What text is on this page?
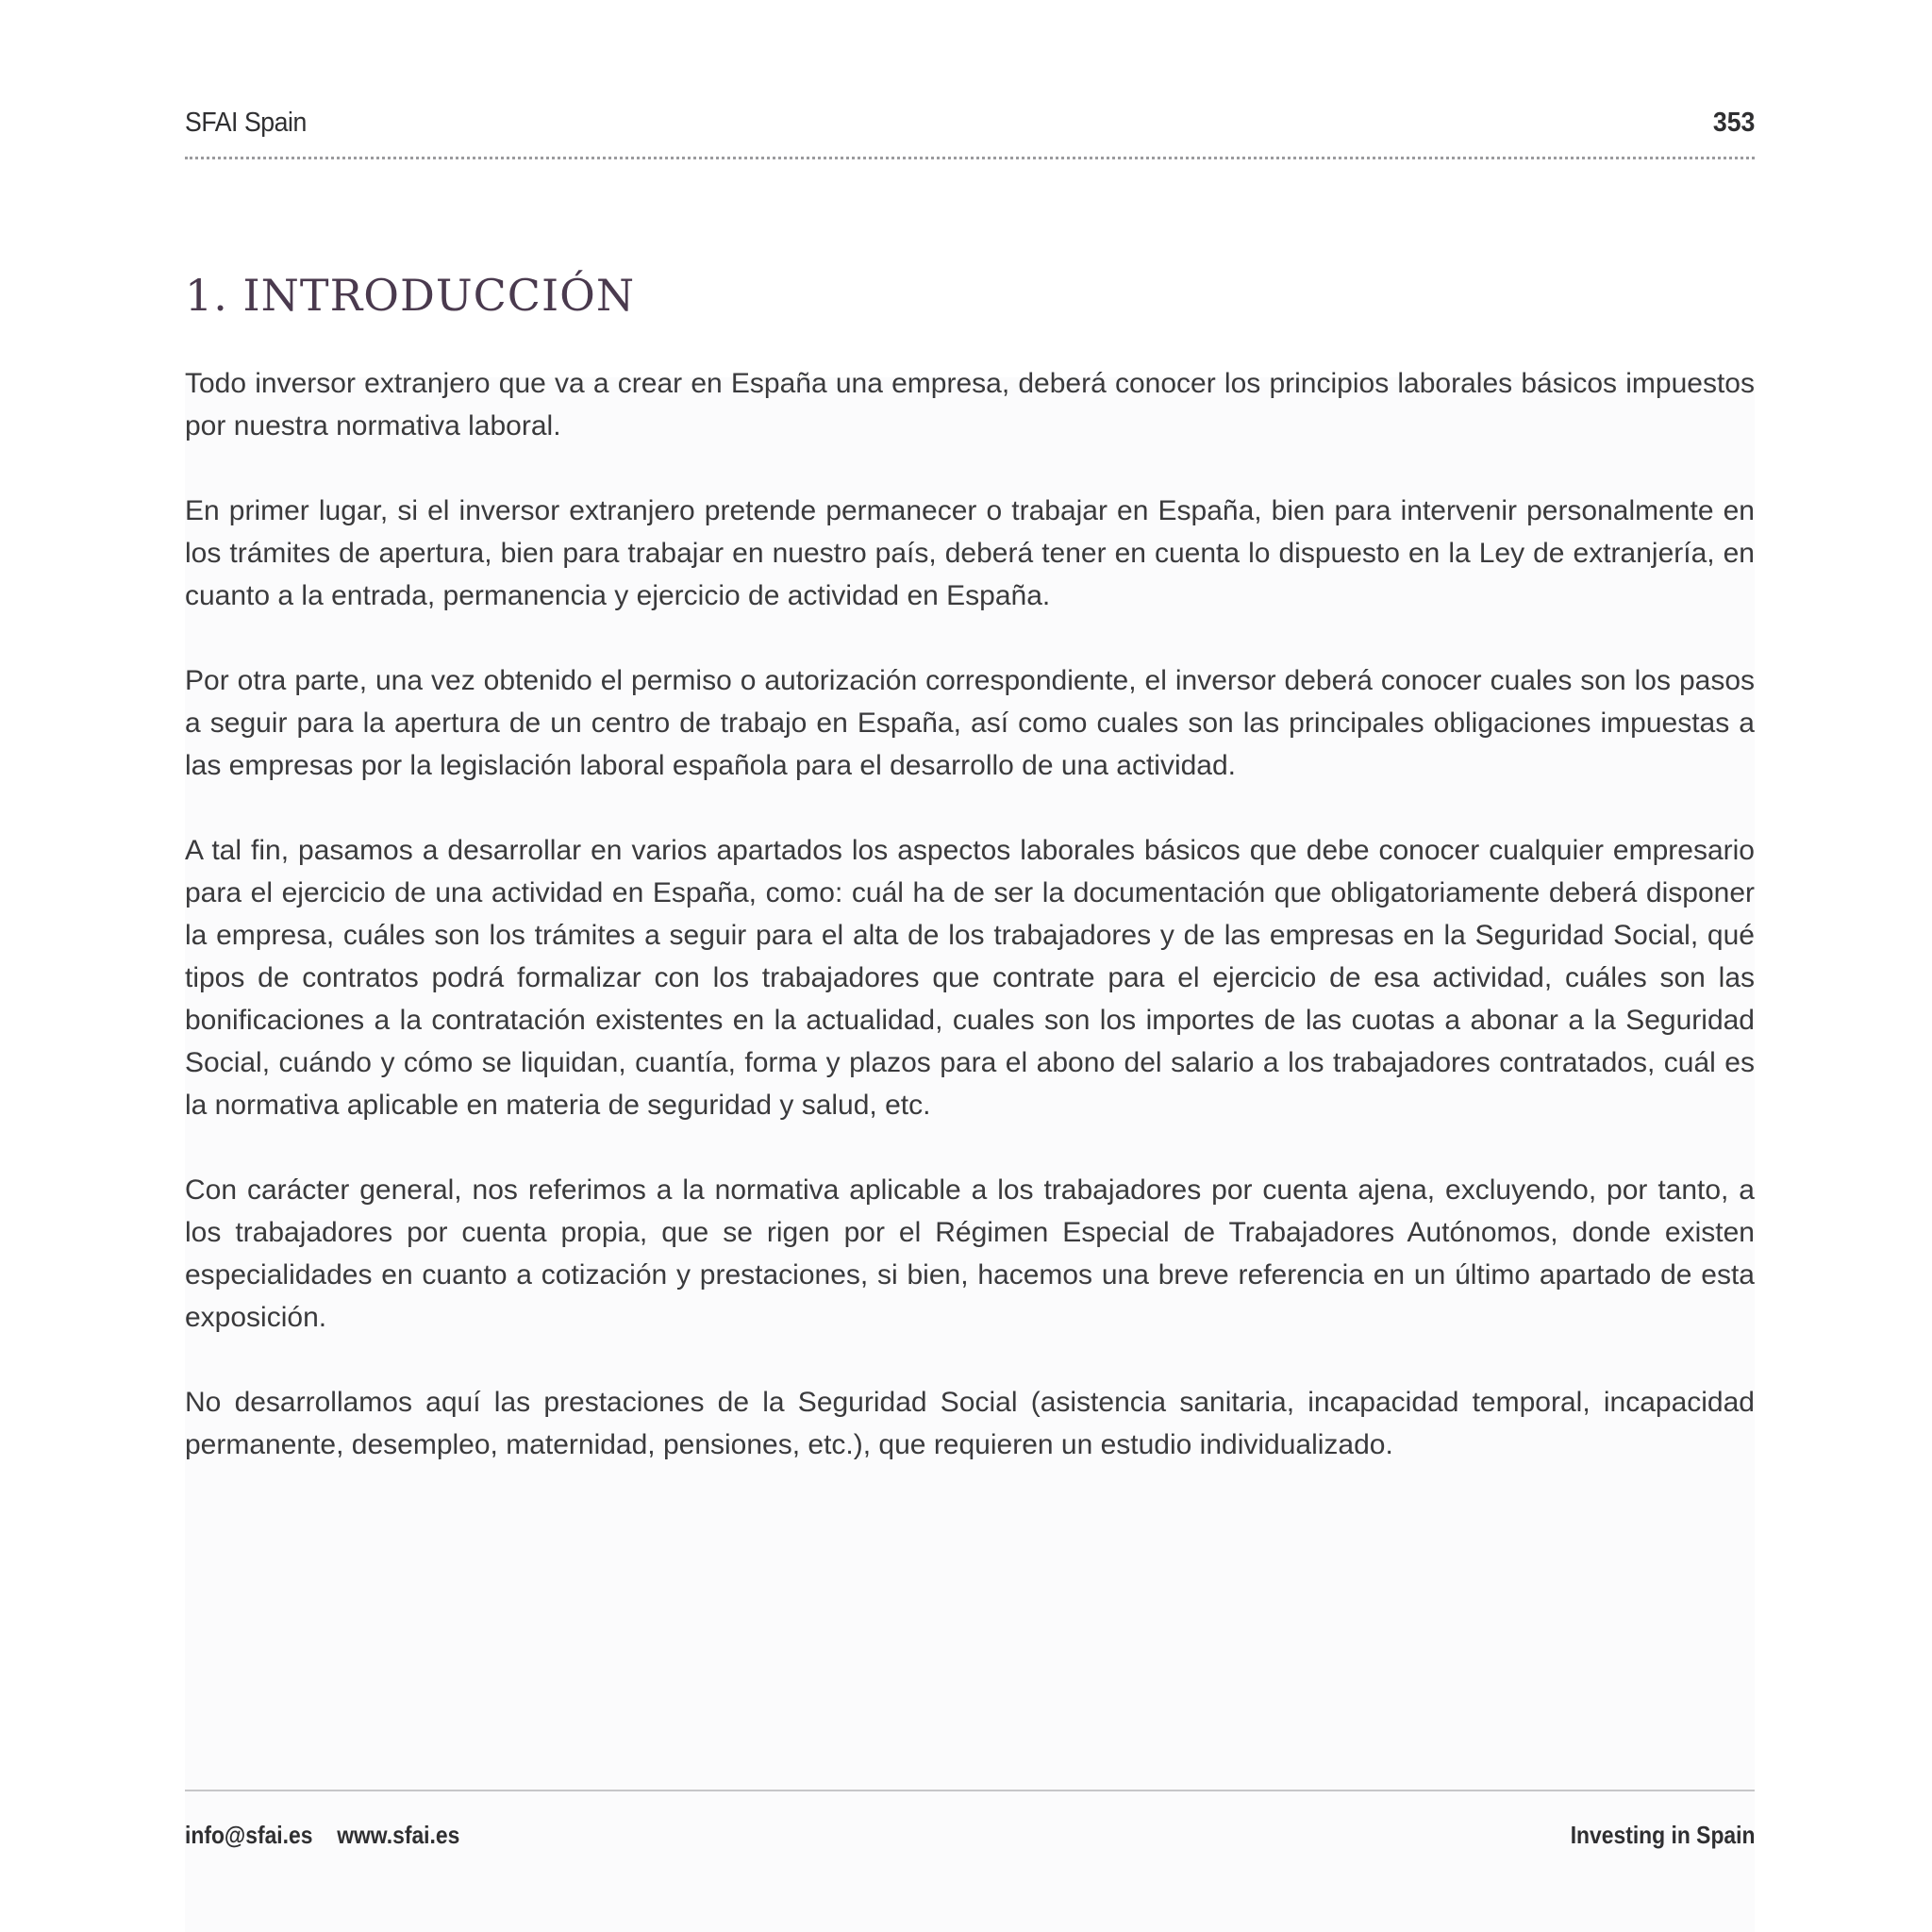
SFAI Spain	353
1. INTRODUCCIÓN

Todo inversor extranjero que va a crear en España una empresa, deberá conocer los principios laborales básicos impuestos por nuestra normativa laboral.

En primer lugar, si el inversor extranjero pretende permanecer o trabajar en España, bien para intervenir personalmente en los trámites de apertura, bien para trabajar en nuestro país, deberá tener en cuenta lo dispuesto en la Ley de extranjería, en cuanto a la entrada, permanencia y ejercicio de actividad en España.

Por otra parte, una vez obtenido el permiso o autorización correspondiente, el inversor deberá conocer cuales son los pasos a seguir para la apertura de un centro de trabajo en España, así como cuales son las principales obligaciones impuestas a las empresas por la legislación laboral española para el desarrollo de una actividad.

A tal fin, pasamos a desarrollar en varios apartados los aspectos laborales básicos que debe conocer cualquier empresario para el ejercicio de una actividad en España, como: cuál ha de ser la documentación que obligatoriamente deberá disponer la empresa, cuáles son los trámites a seguir para el alta de los trabajadores y de las empresas en la Seguridad Social, qué tipos de contratos podrá formalizar con los trabajadores que contrate para el ejercicio de esa actividad, cuáles son las bonificaciones a la contratación existentes en la actualidad, cuales son los importes de las cuotas a abonar a la Seguridad Social, cuándo y cómo se liquidan, cuantía, forma y plazos para el abono del salario a los trabajadores contratados, cuál es la normativa aplicable en materia de seguridad y salud, etc.

Con carácter general, nos referimos a la normativa aplicable a los trabajadores por cuenta ajena, excluyendo, por tanto, a los trabajadores por cuenta propia, que se rigen por el Régimen Especial de Trabajadores Autónomos, donde existen especialidades en cuanto a cotización y prestaciones, si bien, hacemos una breve referencia en un último apartado de esta exposición.

No desarrollamos aquí las prestaciones de la Seguridad Social (asistencia sanitaria, incapacidad temporal, incapacidad permanente, desempleo, maternidad, pensiones, etc.), que requieren un estudio individualizado.

info@sfai.es www.sfai.es	Investing in Spain
